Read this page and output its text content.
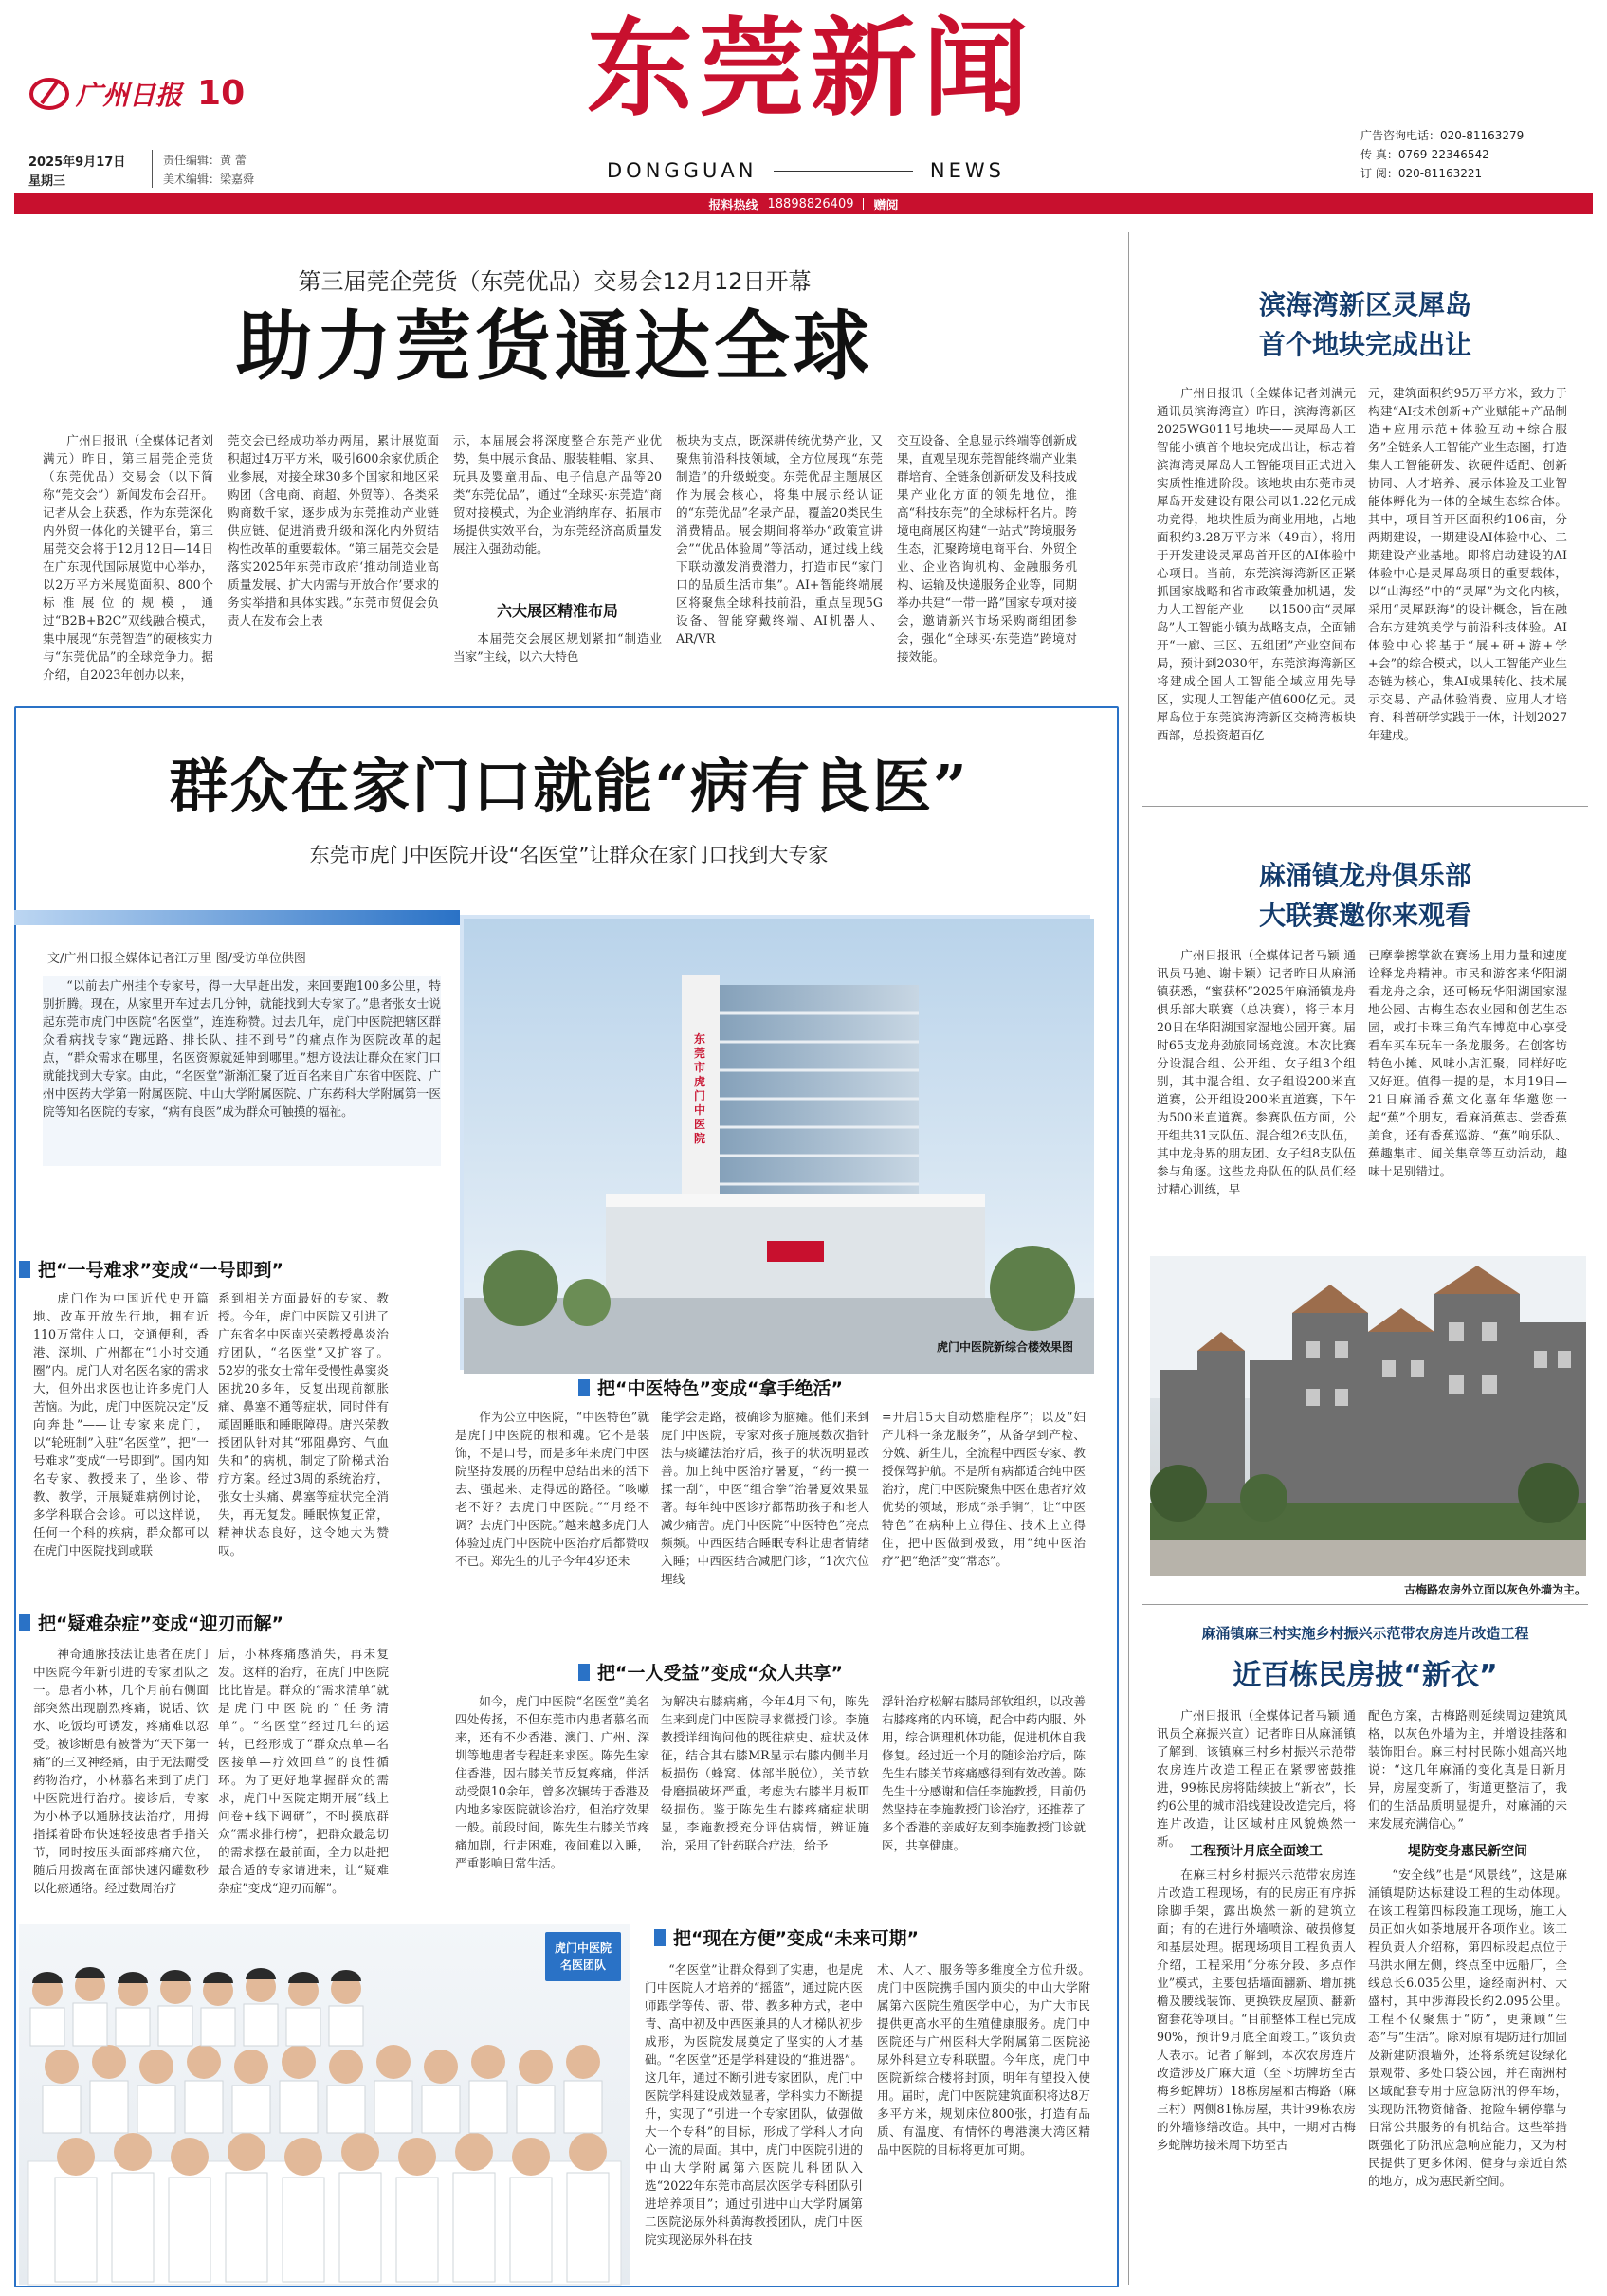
广州日报 10
2025年9月17日
星期三
责任编辑：黄 蕾
美术编辑：梁嘉舜
东莞新闻
DONGGUAN	NEWS
广告咨询电话：020-81163279
传 真：0769-22346542
订 阅：020-81163221
报料热线 18898826409 赠阅
第三届莞企莞货（东莞优品）交易会12月12日开幕
助力莞货通达全球

广州日报讯（全媒体记者刘满元）昨日，第三届莞企莞货（东莞优品）交易会（以下简称“莞交会”）新闻发布会召开。记者从会上获悉，作为东莞深化内外贸一体化的关键平台，第三届莞交会将于12月12日—14日在广东现代国际展览中心举办，以2万平方米展览面积、800个标准展位的规模，通过“B2B+B2C”双线融合模式，集中展现“东莞智造”的硬核实力与“东莞优品”的全球竞争力。据介绍，自2023年创办以来，

莞交会已经成功举办两届，累计展览面积超过4万平方米，吸引600余家优质企业参展，对接全球30多个国家和地区采购团（含电商、商超、外贸等）、各类采购商数千家，逐步成为东莞推动产业链供应链、促进消费升级和深化内外贸结构性改革的重要载体。“第三届莞交会是落实2025年东莞市政府‘推动制造业高质量发展、扩大内需与开放合作’要求的务实举措和具体实践。”东莞市贸促会负责人在发布会上表

示，本届展会将深度整合东莞产业优势，集中展示食品、服装鞋帽、家具、玩具及婴童用品、电子信息产品等20类“东莞优品”，通过“全球买·东莞造”商贸对接模式，为企业消纳库存、拓展市场提供实效平台，为东莞经济高质量发展注入强劲动能。

六大展区精准布局

本届莞交会展区规划紧扣“制造业当家”主线，以六大特色

板块为支点，既深耕传统优势产业，又聚焦前沿科技领域，全方位展现“东莞制造”的升级蜕变。东莞优品主题展区作为展会核心，将集中展示经认证的“东莞优品”名录产品，覆盖20类民生消费精品。展会期间将举办“政策宣讲会”“优品体验周”等活动，通过线上线下联动激发消费潜力，打造市民“家门口的品质生活市集”。AI+智能终端展区将聚焦全球科技前沿，重点呈现5G设备、智能穿戴终端、AI机器人、AR/VR

交互设备、全息显示终端等创新成果，直观呈现东莞智能终端产业集群培育、全链条创新研发及科技成果产业化方面的领先地位，推高“科技东莞”的全球标杆名片。跨境电商展区构建“一站式”跨境服务生态，汇聚跨境电商平台、外贸企业、企业咨询机构、金融服务机构、运输及快递服务企业等，同期举办共建“一带一路”国家专项对接会，邀请新兴市场采购商组团参会，强化“全球买·东莞造”跨境对接效能。

滨海湾新区灵犀岛
首个地块完成出让

广州日报讯（全媒体记者刘满元 通讯员滨海湾宣）昨日，滨海湾新区2025WG011号地块——灵犀岛人工智能小镇首个地块完成出让，标志着滨海湾灵犀岛人工智能项目正式进入实质性推进阶段。该地块由东莞市灵犀岛开发建设有限公司以1.22亿元成功竞得，地块性质为商业用地，占地面积约3.28万平方米（49亩），将用于开发建设灵犀岛首开区的AI体验中心项目。当前，东莞滨海湾新区正紧抓国家战略和省市政策叠加机遇，发力人工智能产业——以1500亩“灵犀岛”人工智能小镇为战略支点，全面铺开“一廊、三区、五组团”产业空间布局，预计到2030年，东莞滨海湾新区将建成全国人工智能全域应用先导区，实现人工智能产值600亿元。灵犀岛位于东莞滨海湾新区交椅湾板块西部，总投资超百亿

元，建筑面积约95万平方米，致力于构建“AI技术创新+产业赋能+产品制造+应用示范+体验互动+综合服务”全链条人工智能产业生态圈，打造集人工智能研发、软硬件适配、创新协同、人才培养、展示体验及工业智能体孵化为一体的全域生态综合体。其中，项目首开区面积约106亩，分两期建设，一期建设AI体验中心、二期建设产业基地。即将启动建设的AI体验中心是灵犀岛项目的重要载体，以“山海经”中的“灵犀”为文化内核，采用“灵犀跃海”的设计概念，旨在融合东方建筑美学与前沿科技体验。AI体验中心将基于“展+研+游+学+会”的综合模式，以人工智能产业生态链为核心，集AI成果转化、技术展示交易、产品体验消费、应用人才培育、科普研学实践于一体，计划2027年建成。

麻涌镇龙舟俱乐部
大联赛邀你来观看

广州日报讯（全媒体记者马颖 通讯员马驰、谢卡颖）记者昨日从麻涌镇获悉，“蜜获杯”2025年麻涌镇龙舟俱乐部大联赛（总决赛），将于本月20日在华阳湖国家湿地公园开赛。届时65支龙舟劲旅同场竞渡。本次比赛分设混合组、公开组、女子组3个组别，其中混合组、女子组设200米直道赛，公开组设200米直道赛，下午为500米直道赛。参赛队伍方面，公开组共31支队伍、混合组26支队伍，其中龙舟界的朋友团、女子组8支队伍参与角逐。这些龙舟队伍的队员们经过精心训练，早

已摩拳擦掌欲在赛场上用力量和速度诠释龙舟精神。市民和游客来华阳湖看龙舟之余，还可畅玩华阳湖国家湿地公园、古梅生态农业园和创艺生态园，或打卡珠三角汽车博览中心享受看车买车玩车一条龙服务。在创客坊特色小摊、风味小店汇聚，同样好吃又好逛。值得一提的是，本月19日—21日麻涌香蕉文化嘉年华邀您一起“蕉”个朋友，看麻涌蕉志、尝香蕉美食，还有香蕉巡游、“蕉”响乐队、蕉趣集市、闻关集章等互动活动，趣味十足别错过。

古梅路农房外立面以灰色外墙为主。
麻涌镇麻三村实施乡村振兴示范带农房连片改造工程
近百栋民房披“新衣”

广州日报讯（全媒体记者马颖 通讯员仝麻振兴宣）记者昨日从麻涌镇了解到，该镇麻三村乡村振兴示范带农房连片改造工程正在紧锣密鼓推进，99栋民房将陆续披上“新衣”，长约6公里的城市沿线建设改造完后，将连片改造，让区域村庄风貌焕然一新。

工程预计月底全面竣工

在麻三村乡村振兴示范带农房连片改造工程现场，有的民房正有序拆除脚手架，露出焕然一新的建筑立面；有的在进行外墙喷涂、破损修复和基层处理。据现场项目工程负责人介绍，工程采用“分栋分段、多点作业”模式，主要包括墙面翻新、增加挑檐及腰线装饰、更换铁皮屋顶、翻新窗套花等项目。“目前整体工程已完成90%，预计9月底全面竣工。”该负责人表示。记者了解到，本次农房连片改造涉及广麻大道（至下坊牌坊至古梅乡蛇牌坊）18栋房屋和古梅路（麻三村）两侧81栋房屋，共计99栋农房的外墙修缮改造。其中，一期对古梅乡蛇牌坊接米周下坊至古

配色方案，古梅路则延续周边建筑风格，以灰色外墙为主，并增设挂落和装饰阳台。麻三村村民陈小姐高兴地说：“这几年麻涌的变化真是日新月异，房屋变新了，街道更整洁了，我们的生活品质明显提升，对麻涌的未来发展充满信心。”

堤防变身惠民新空间

“安全线”也是“风景线”，这是麻涌镇堤防达标建设工程的生动体现。在该工程第四标段施工现场，施工人员正如火如荼地展开各项作业。该工程负责人介绍称，第四标段起点位于马洪水闸左侧，终点至中远船厂，全线总长6.035公里，途经南洲村、大盛村，其中涉海段长约2.095公里。工程不仅聚焦于“防”，更兼顾“生态”与“生活”。除对原有堤防进行加固及新建防浪墙外，还将系统建设绿化景观带、多处口袋公园，并在南洲村区域配套专用于应急防汛的停车场，实现防汛物资储备、抢险车辆停靠与日常公共服务的有机结合。这些举措既强化了防汛应急响应能力，又为村民提供了更多休闲、健身与亲近自然的地方，成为惠民新空间。

群众在家门口就能“病有良医”
东莞市虎门中医院开设“名医堂”让群众在家门口找到大专家
文/广州日报全媒体记者江万里 图/受访单位供图

“以前去广州挂个专家号，得一大早赶出发，来回要跑100多公里，特别折腾。现在，从家里开车过去几分钟，就能找到大专家了。”患者张女士说起东莞市虎门中医院“名医堂”，连连称赞。过去几年，虎门中医院把辖区群众看病找专家“跑远路、排长队、挂不到号”的痛点作为医院改革的起点，“群众需求在哪里，名医资源就延伸到哪里。”想方设法让群众在家门口就能找到大专家。由此，“名医堂”渐渐汇聚了近百名来自广东省中医院、广州中医药大学第一附属医院、中山大学附属医院、广东药科大学附属第一医院等知名医院的专家，“病有良医”成为群众可触摸的福祉。

东莞市虎门中医院
虎门中医院新综合楼效果图
把“一号难求”变成“一号即到”

虎门作为中国近代史开篇地、改革开放先行地，拥有近110万常住人口，交通便利，香港、深圳、广州都在“1小时交通圈”内。虎门人对名医名家的需求大，但外出求医也让许多虎门人苦恼。为此，虎门中医院决定“反向奔赴”——让专家来虎门，以“轮班制”入驻“名医堂”，把“一号难求”变成“一号即到”。国内知名专家、教授来了，坐诊、带教、教学，开展疑难病例讨论，多学科联合会诊。可以这样说，任何一个科的疾病，群众都可以在虎门中医院找到或联

系到相关方面最好的专家、教授。今年，虎门中医院又引进了广东省名中医南兴荣教授鼻炎治疗团队，“名医堂”又扩容了。52岁的张女士常年受慢性鼻窦炎困扰20多年，反复出现前额胀痛、鼻塞不通等症状，同时伴有頑固睡眠和睡眠障碍。唐兴荣教授团队针对其“邪阻鼻窍、气血失和”的病机，制定了阶梯式治疗方案。经过3周的系统治疗，张女士头痛、鼻塞等症状完全消失，再无复发。睡眠恢复正常，精神状态良好，这令她大为赞叹。

把“中医特色”变成“拿手绝活”

作为公立中医院，“中医特色”就是虎门中医院的根和魂。它不是装饰，不是口号，而是多年来虎门中医院坚持发展的历程中总结出来的活下去、强起来、走得远的路径。“咳嗽老不好？去虎门中医院。”“月经不调？去虎门中医院。”越来越多虎门人体验过虎门中医院中医治疗后都赞叹不已。郑先生的儿子今年4岁还未

能学会走路，被确诊为脑瘫。他们来到虎门中医院，专家对孩子施展数次指针法与痰罐法治疗后，孩子的状况明显改善。加上纯中医治疗暑夏，“药一摸一揉一刮”，中医“组合拳”治暑夏效果显著。每年纯中医诊疗都帮助孩子和老人减少痛苦。虎门中医院“中医特色”亮点频频。中西医结合睡眠专科让患者情绪入睡；中西医结合减肥门诊，“1次穴位埋线

=开启15天自动燃脂程序”；以及“妇产儿科一条龙服务”，从备孕到产检、分娩、新生儿，全流程中西医专家、教授保驾护航。不是所有病都适合纯中医治疗，虎门中医院聚焦中医在患者疗效优势的领域，形成“杀手锏”，让“中医特色”在病种上立得住、技术上立得住，把中医做到极致，用“纯中医治疗”把“绝活”变“常态”。

把“疑难杂症”变成“迎刃而解”

神奇通脉技法让患者在虎门中医院今年新引进的专家团队之一。患者小林，几个月前右侧面部突然出现剧烈疼痛，说话、饮水、吃饭均可诱发，疼痛难以忍受。被诊断患有被誉为“天下第一痛”的三叉神经痛，由于无法耐受药物治疗，小林慕名来到了虎门中医院进行治疗。接诊后，专家为小林予以通脉技法治疗，用拇指揉着卧布快速轻按患者手指关节，同时按压头面部疼痛穴位，随后用拨离在面部快速闪罐数秒以化瘀通络。经过数周治疗

后，小林疼痛感消失，再未复发。这样的治疗，在虎门中医院比比皆是。群众的“需求清单”就是虎门中医院的“任务清单”。“名医堂”经过几年的运转，已经形成了“群众点单—名医接单—疗效回单”的良性循环。为了更好地掌握群众的需求，虎门中医院定期开展“线上问卷+线下调研”，不时摸底群众“需求排行榜”，把群众最急切的需求摆在最前面，全力以赴把最合适的专家请进来，让“疑难杂症”变成“迎刃而解”。

把“一人受益”变成“众人共享”

如今，虎门中医院“名医堂”美名四处传扬，不但东莞市内患者慕名而来，还有不少香港、澳门、广州、深圳等地患者专程赶来求医。陈先生家住香港，因右膝关节反复疼痛，伴活动受限10余年，曾多次辗转于香港及内地多家医院就诊治疗，但治疗效果一般。前段时间，陈先生右膝关节疼痛加剧，行走困难，夜间难以入睡，严重影响日常生活。

为解决右膝病痛，今年4月下旬，陈先生来到虎门中医院寻求微授门诊。李施教授详细询问他的既往病史、症状及体征，结合其右膝MR显示右膝内侧半月板损伤（蜂窝、体部半脱位），关节软骨磨损破坏严重，考虑为右膝半月板Ⅲ级损伤。鉴于陈先生右膝疼痛症状明显，李施教授充分评估病情，辨证施治，采用了针药联合疗法，给予

浮针治疗松解右膝局部软组织，以改善右膝疼痛的内环境，配合中药内服、外用，综合调理机体功能，促进机体自我修复。经过近一个月的随诊治疗后，陈先生右膝关节疼痛感得到有效改善。陈先生十分感谢和信任李施教授，目前仍然坚持在李施教授门诊治疗，还推荐了多个香港的亲戚好友到李施教授门诊就医，共享健康。

虎门中医院名医团队
把“现在方便”变成“未来可期”

“名医堂”让群众得到了实惠，也是虎门中医院人才培养的“摇篮”，通过院内医师跟学等传、帮、带、教多种方式，老中青、高中初及中西医兼具的人才梯队初步成形，为医院发展奠定了坚实的人才基础。“名医堂”还是学科建设的“推进器”。这几年，通过不断引进专家团队，虎门中医院学科建设成效显著，学科实力不断提升，实现了“引进一个专家团队，做强做大一个专科”的目标，形成了学科人才向心一流的局面。其中，虎门中医院引进的中山大学附属第六医院儿科团队入选“2022年东莞市高层次医学专科团队引进培养项目”；通过引进中山大学附属第二医院泌尿外科黄海教授团队，虎门中医院实现泌尿外科在技

术、人才、服务等多维度全方位升级。虎门中医院携手国内顶尖的中山大学附属第六医院生殖医学中心，为广大市民提供更高水平的生殖健康服务。虎门中医院还与广州医科大学附属第二医院泌尿外科建立专科联盟。今年底，虎门中医院新综合楼将封顶，明年有望投入使用。届时，虎门中医院建筑面积将达8万多平方米，规划床位800张，打造有品质、有温度、有情怀的粤港澳大湾区精品中医院的目标将更加可期。
